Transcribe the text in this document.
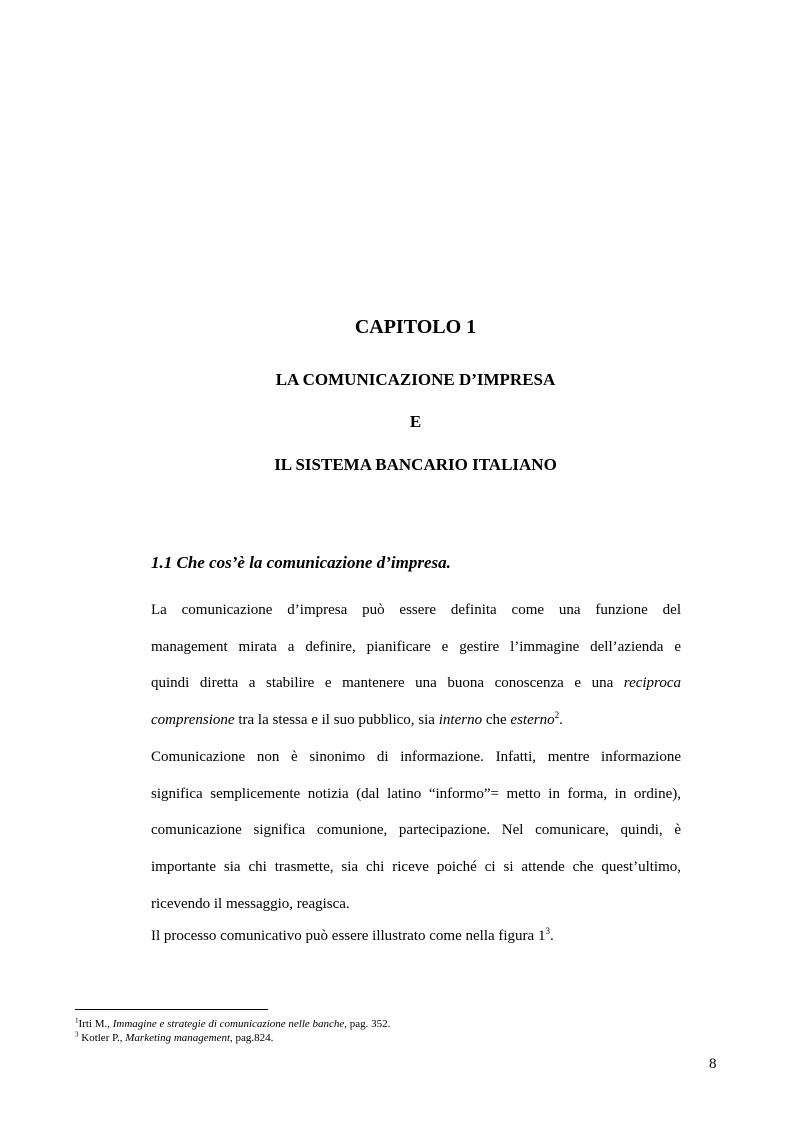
CAPITOLO 1
LA COMUNICAZIONE D’IMPRESA
E
IL SISTEMA BANCARIO ITALIANO
1.1 Che cos’è la comunicazione d’impresa.
La comunicazione d’impresa può essere definita come una funzione del
management mirata a definire, pianificare e gestire l’immagine dell’azienda e
quindi diretta a stabilire e mantenere una buona conoscenza e una reciproca
comprensione tra la stessa e il suo pubblico, sia interno che esterno$^2$.
Comunicazione non è sinonimo di informazione. Infatti, mentre informazione
significa semplicemente notizia (dal latino “informo”= metto in forma, in ordine),
comunicazione significa comunione, partecipazione. Nel comunicare, quindi, è
importante sia chi trasmette, sia chi riceve poiché ci si attende che quest’ultimo,
ricevendo il messaggio, reagisca.
Il processo comunicativo può essere illustrato come nella figura $1^3$.
$^1$Irti M., Immagine e strategie di comunicazione nelle banche, pag. 352.
$^3$ Kotler P., Marketing management, pag.824.
8
